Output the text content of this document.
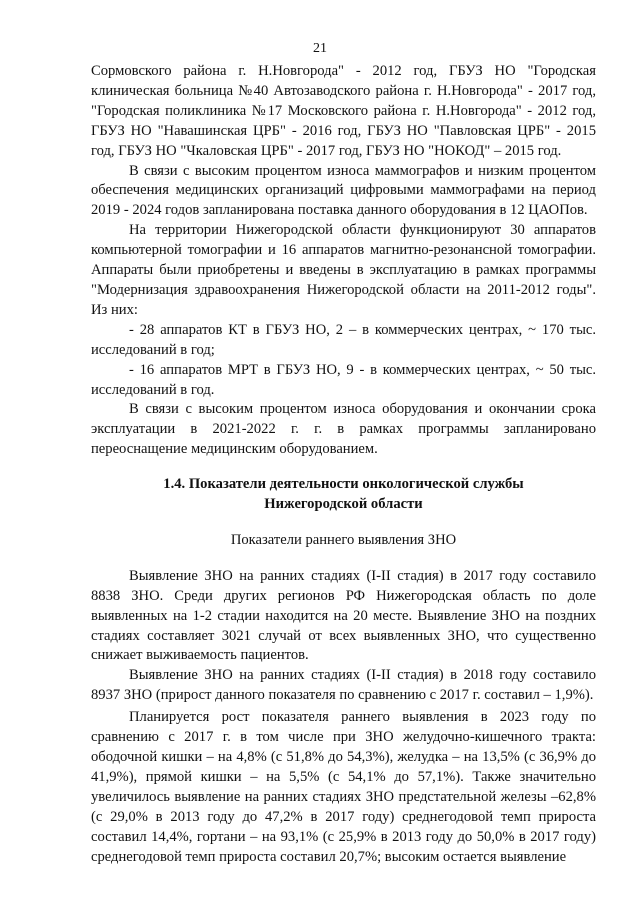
21

Сормовского района г. Н.Новгорода" - 2012 год, ГБУЗ НО "Городская клиническая больница №40 Автозаводского района г. Н.Новгорода" - 2017 год, "Городская поликлиника №17 Московского района г. Н.Новгорода" - 2012 год, ГБУЗ НО "Навашинская ЦРБ" - 2016 год, ГБУЗ НО "Павловская ЦРБ" - 2015 год, ГБУЗ НО "Чкаловская ЦРБ" - 2017 год, ГБУЗ НО "НОКОД" – 2015 год.

В связи с высоким процентом износа маммографов и низким процентом обеспечения медицинских организаций цифровыми маммографами на период 2019 - 2024 годов запланирована поставка данного оборудования в 12 ЦАОПов.

На территории Нижегородской области функционируют 30 аппаратов компьютерной томографии и 16 аппаратов магнитно-резонансной томографии. Аппараты были приобретены и введены в эксплуатацию в рамках программы "Модернизация здравоохранения Нижегородской области на 2011-2012 годы". Из них:

- 28 аппаратов КТ в ГБУЗ НО, 2 – в коммерческих центрах, ~ 170 тыс. исследований в год;

- 16 аппаратов МРТ в ГБУЗ НО, 9 - в коммерческих центрах, ~ 50 тыс. исследований в год.

В связи с высоким процентом износа оборудования и окончании срока эксплуатации в 2021-2022 г. г. в рамках программы запланировано переоснащение медицинским оборудованием.

1.4. Показатели деятельности онкологической службы Нижегородской области

Показатели раннего выявления ЗНО

Выявление ЗНО на ранних стадиях (I-II стадия) в 2017 году составило 8838 ЗНО. Среди других регионов РФ Нижегородская область по доле выявленных на 1-2 стадии находится на 20 месте. Выявление ЗНО на поздних стадиях составляет 3021 случай от всех выявленных ЗНО, что существенно снижает выживаемость пациентов.

Выявление ЗНО на ранних стадиях (I-II стадия) в 2018 году составило 8937 ЗНО (прирост данного показателя по сравнению с 2017 г. составил – 1,9%).

Планируется рост показателя раннего выявления в 2023 году по сравнению с 2017 г. в том числе при ЗНО желудочно-кишечного тракта: ободочной кишки – на 4,8% (с 51,8% до 54,3%), желудка – на 13,5% (с 36,9% до 41,9%), прямой кишки – на 5,5% (с 54,1% до 57,1%). Также значительно увеличилось выявление на ранних стадиях ЗНО предстательной железы –62,8% (с 29,0% в 2013 году до 47,2% в 2017 году) среднегодовой темп прироста составил 14,4%, гортани – на 93,1% (с 25,9% в 2013 году до 50,0% в 2017 году) среднегодовой темп прироста составил 20,7%; высоким остается выявление
